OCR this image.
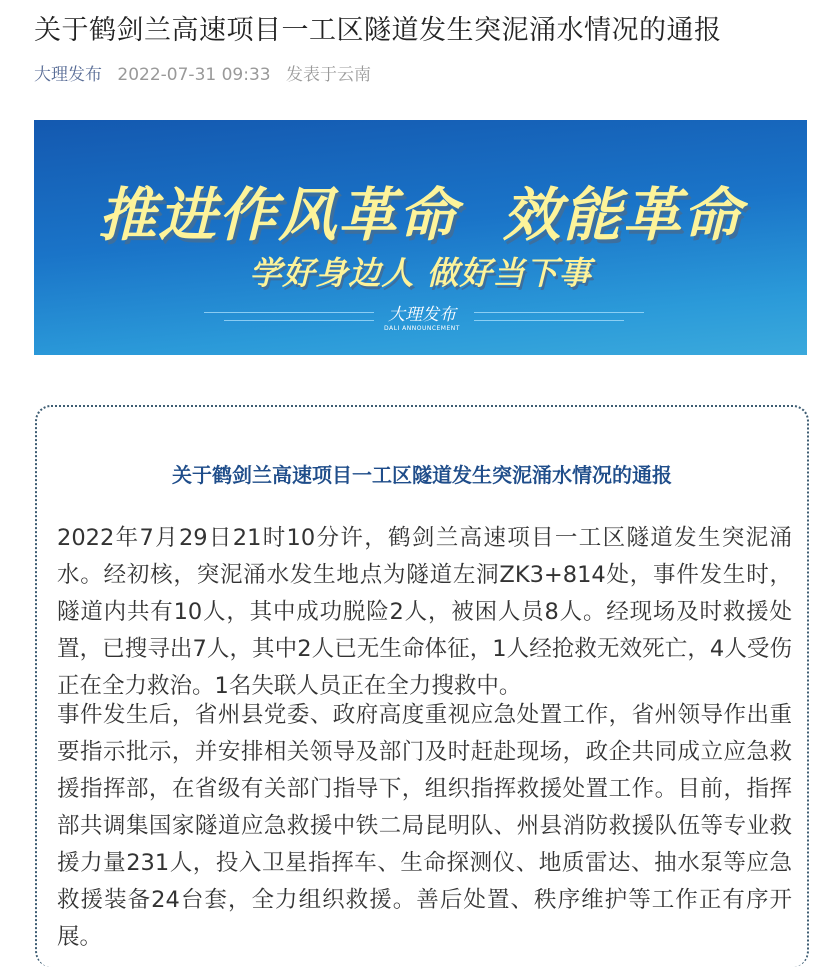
关于鹤剑兰高速项目一工区隧道发生突泥涌水情况的通报
大理发布 2022-07-31 09:33 发表于云南
推进作风革命  效能革命
学好身边人 做好当下事
大理发布
DALI ANNOUNCEMENT
关于鹤剑兰高速项目一工区隧道发生突泥涌水情况的通报
2022年7月29日21时10分许，鹤剑兰高速项目一工区隧道发生突泥涌水。经初核，突泥涌水发生地点为隧道左洞ZK3+814处，事件发生时，隧道内共有10人，其中成功脱险2人，被困人员8人。经现场及时救援处置，已搜寻出7人，其中2人已无生命体征，1人经抢救无效死亡，4人受伤正在全力救治。1名失联人员正在全力搜救中。
事件发生后，省州县党委、政府高度重视应急处置工作，省州领导作出重要指示批示，并安排相关领导及部门及时赶赴现场，政企共同成立应急救援指挥部，在省级有关部门指导下，组织指挥救援处置工作。目前，指挥部共调集国家隧道应急救援中铁二局昆明队、州县消防救援队伍等专业救援力量231人，投入卫星指挥车、生命探测仪、地质雷达、抽水泵等应急救援装备24台套，全力组织救援。善后处置、秩序维护等工作正有序开展。
